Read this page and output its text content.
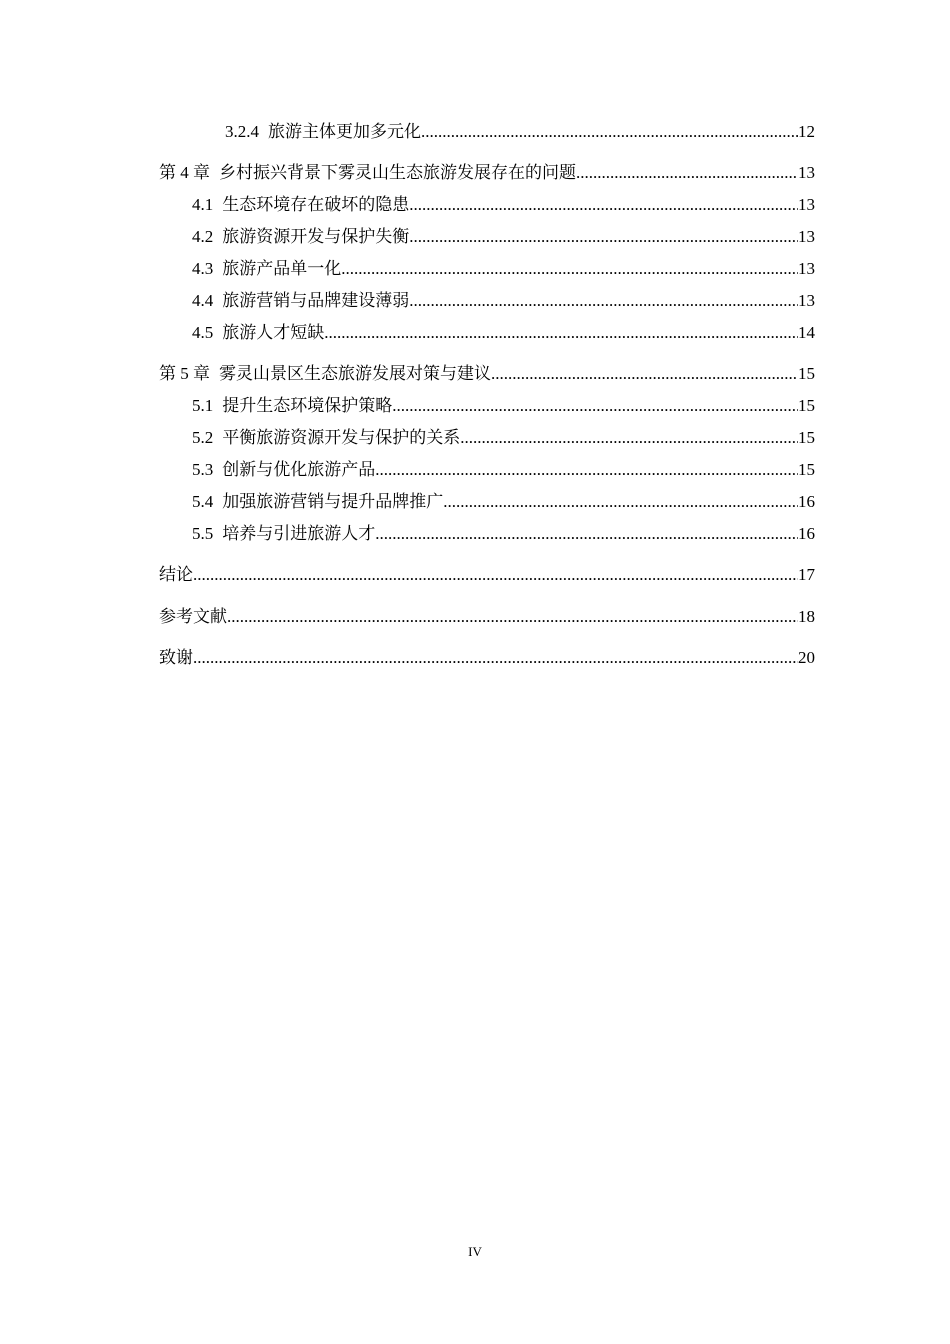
3.2.4 旅游主体更加多元化 .....	12
第 4 章 乡村振兴背景下雾灵山生态旅游发展存在的问题 .....	13
4.1 生态环境存在破坏的隐患 .....	13
4.2 旅游资源开发与保护失衡 .....	13
4.3 旅游产品单一化 .....	13
4.4 旅游营销与品牌建设薄弱 .....	13
4.5 旅游人才短缺 .....	14
第 5 章 雾灵山景区生态旅游发展对策与建议 .....	15
5.1 提升生态环境保护策略 .....	15
5.2 平衡旅游资源开发与保护的关系 .....	15
5.3 创新与优化旅游产品 .....	15
5.4 加强旅游营销与提升品牌推广 .....	16
5.5 培养与引进旅游人才 .....	16
结论 .....	17
参考文献 .....	18
致谢 .....	20
IV
